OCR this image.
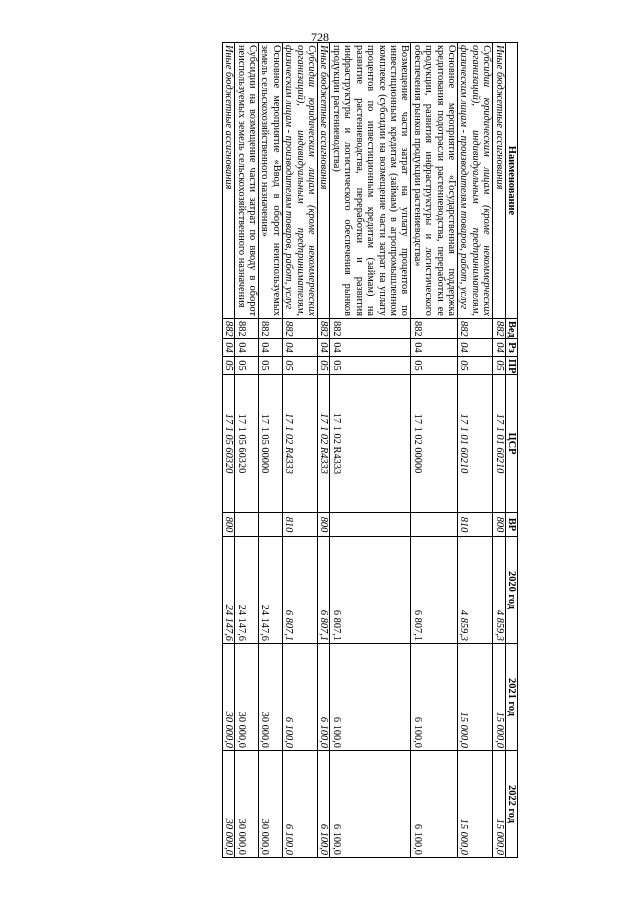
728
Наименование	Вед	Рз	ПР	ЦСР	ВР	2020 год	2021 год	2022 год
Иные бюджетные ассигнования	882	04	05	17 1 01 60210	800	4 859,3	15 000,0	15 000,0
Субсидии юридическим лицам (кроме некоммерческих организаций), индивидуальным предпринимателям, физическим лицам - производителям товаров, работ, услуг	882	04	05	17 1 01 60210	810	4 859,3	15 000,0	15 000,0
Основное мероприятие «Государственная поддержка кредитования подотрасли растениеводства, переработки ее продукции, развития инфраструктуры и логистического обеспечения рынков продукции растениеводства»	882	04	05	17 1 02 00000		6 807,1	6 100,0	6 100,0
Возмещение части затрат на уплату процентов по инвестиционным кредитам (займам) в агропромышленном комплексе (субсидии на возмещение части затрат на уплату процентов по инвестиционным кредитам (займам) на развитие растениеводства, переработки и развития инфраструктуры и логистического обеспечения рынков продукции растениеводства)	882	04	05	17 1 02 R4333		6 807,1	6 100,0	6 100,0
Иные бюджетные ассигнования	882	04	05	17 1 02 R4333	800	6 807,1	6 100,0	6 100,0
Субсидии юридическим лицам (кроме некоммерческих организаций), индивидуальным предпринимателям, физическим лицам - производителям товаров, работ, услуг	882	04	05	17 1 02 R4333	810	6 807,1	6 100,0	6 100,0
Основное мероприятие «Ввод в оборот неиспользуемых земель сельскохозяйственного назначения»	882	04	05	17 1 05 00000		24 147,6	30 000,0	30 000,0
Субсидии на возмещение части затрат по вводу в оборот неиспользуемых земель сельскохозяйственного назначения	882	04	05	17 1 05 60320		24 147,6	30 000,0	30 000,0
Иные бюджетные ассигнования	882	04	05	17 1 05 60320	800	24 147,6	30 000,0	30 000,0
